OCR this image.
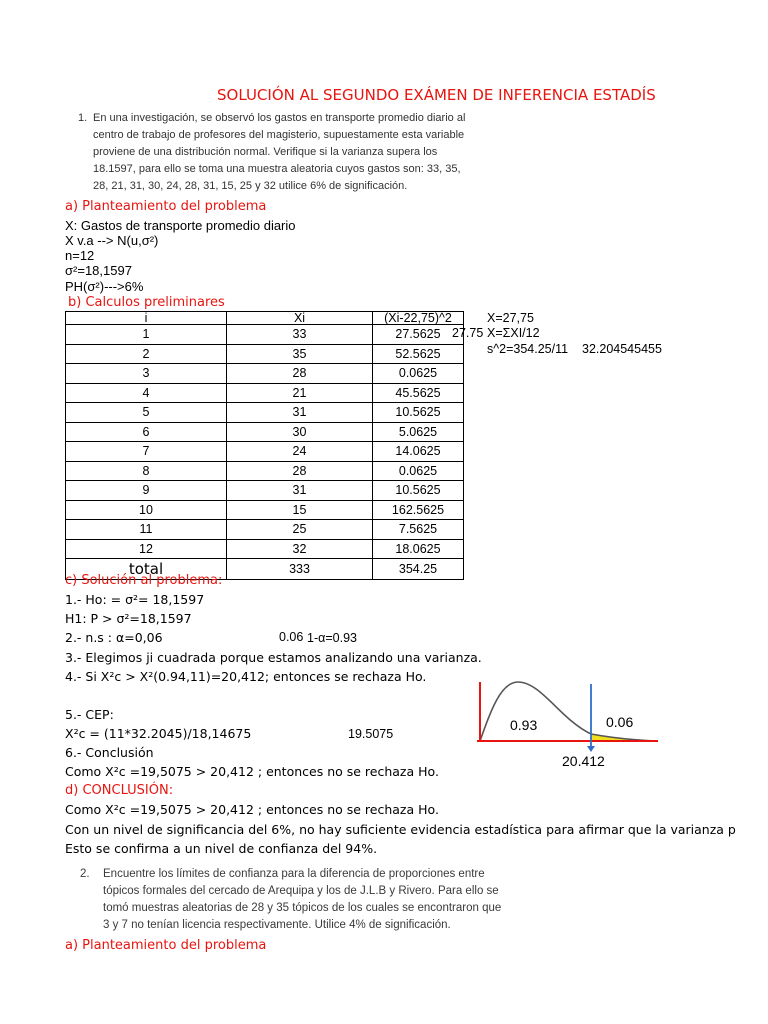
SOLUCIÓN AL SEGUNDO EXÁMEN DE INFERENCIA ESTADÍS
1. En una investigación, se observó los gastos en transporte promedio diario al
centro de trabajo de profesores del magisterio, supuestamente esta variable
proviene de una distribución normal. Verifique si la varianza supera los
18.1597, para ello se toma una muestra aleatoria cuyos gastos son: 33, 35,
28, 21, 31, 30, 24, 28, 31, 15, 25 y 32 utilice 6% de significación.
a) Planteamiento del problema
X: Gastos de transporte promedio diario
X v.a --> N(u,σ²)
n=12
σ²=18,1597
PH(σ²)--->6%
b) Calculos preliminares
i	Xi	(Xi-22,75)^2
1	33	27.5625
2	35	52.5625
3	28	0.0625
4	21	45.5625
5	31	10.5625
6	30	5.0625
7	24	14.0625
8	28	0.0625
9	31	10.5625
10	15	162.5625
11	25	7.5625
12	32	18.0625
total	333	354.25
X=27,75
27.75 X=ΣXI/12
s^2=354.25/11 32.204545455
c) Solución al problema:
1.- Ho: = σ²= 18,1597
H1: P > σ²=18,1597
2.- n.s : α=0,06	0.06 1-α=0.93
3.- Elegimos ji cuadrada porque estamos analizando una varianza.
4.- Si X²c > X²(0.94,11)=20,412; entonces se rechaza Ho.
5.- CEP:
X²c = (11*32.2045)/18,14675	19.5075
6.- Conclusión
Como X²c =19,5075 > 20,412 ; entonces no se rechaza Ho.
0.93	0.06
20.412
d) CONCLUSIÓN:
Como X²c =19,5075 > 20,412 ; entonces no se rechaza Ho.
Con un nivel de significancia del 6%, no hay suficiente evidencia estadística para afirmar que la varianza p
Esto se confirma a un nivel de confianza del 94%.
2. Encuentre los límites de confianza para la diferencia de proporciones entre
tópicos formales del cercado de Arequipa y los de J.L.B y Rivero. Para ello se
tomó muestras aleatorias de 28 y 35 tópicos de los cuales se encontraron que
3 y 7 no tenían licencia respectivamente. Utilice 4% de significación.
a) Planteamiento del problema
